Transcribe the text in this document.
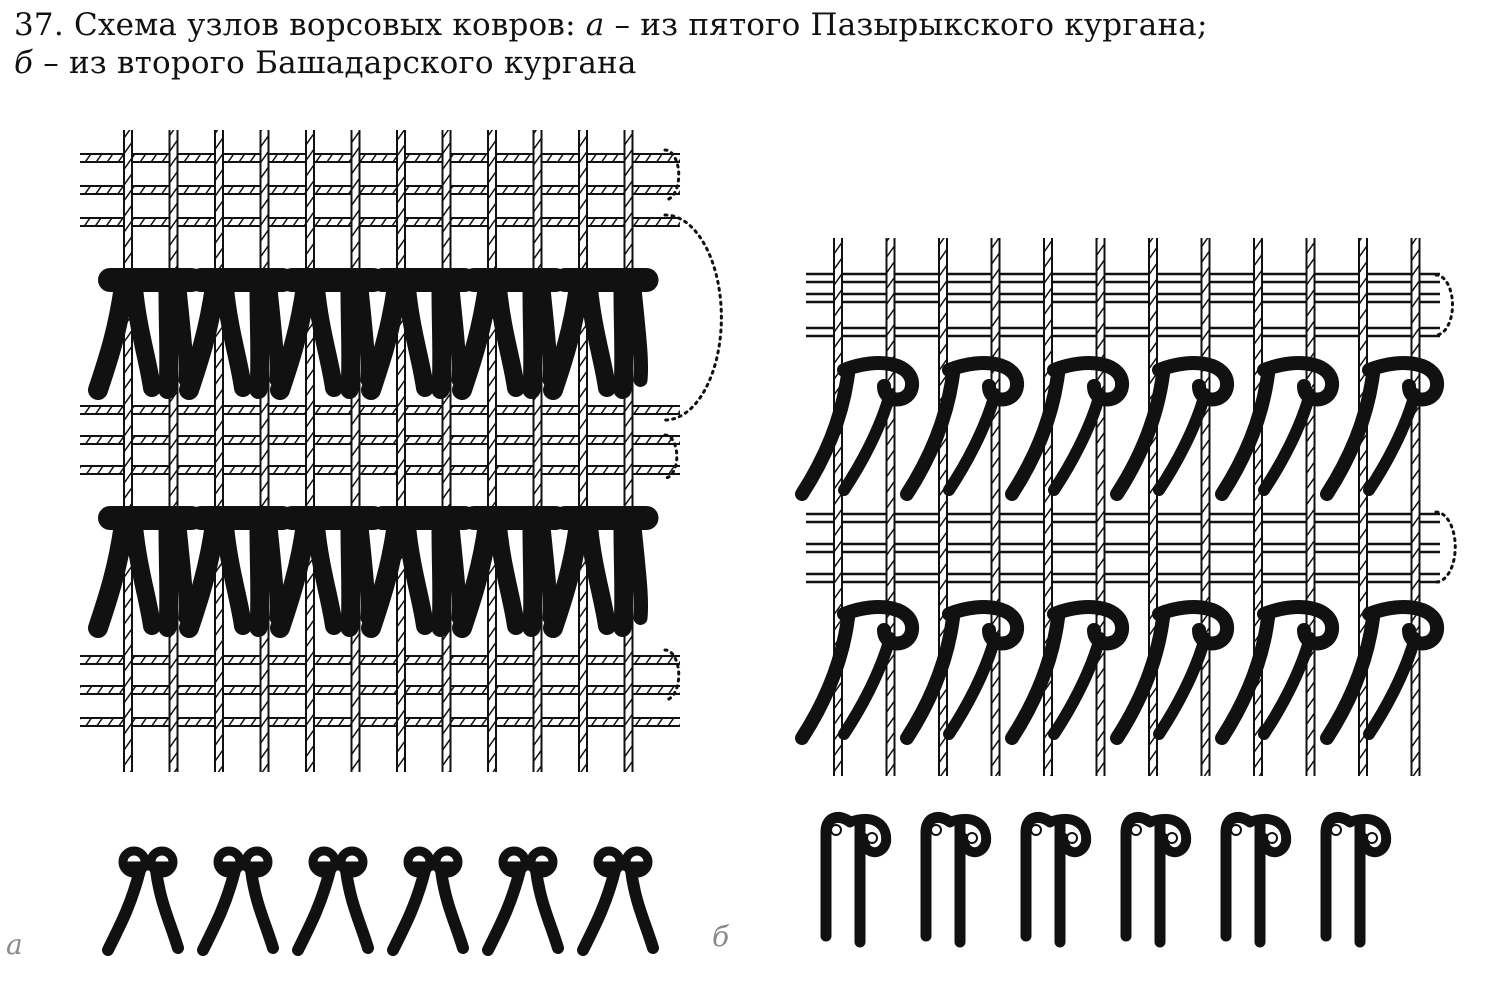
37. Схема узлов ворсовых ковров: а – из пятого Пазырыкского кургана;
б – из второго Башадарского кургана
а	б
